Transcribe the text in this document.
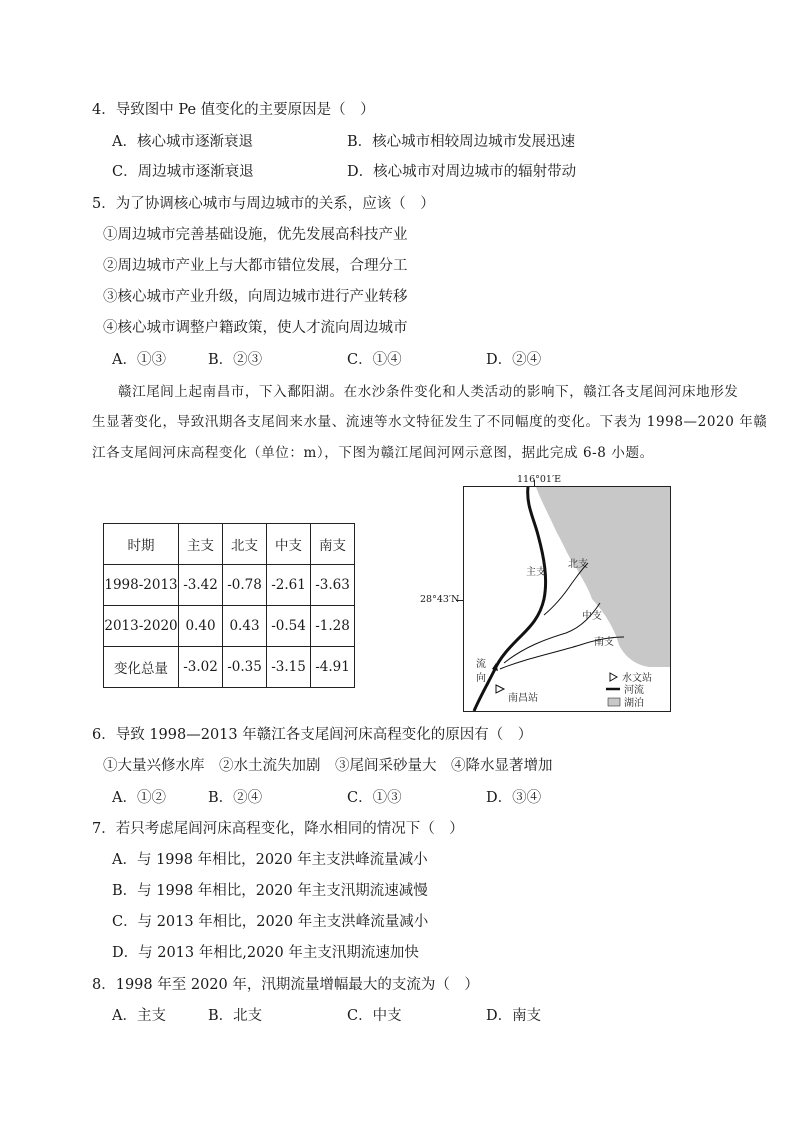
4．导致图中 Pe 值变化的主要原因是（　）
A．核心城市逐渐衰退	B．核心城市相较周边城市发展迅速
C．周边城市逐渐衰退	D．核心城市对周边城市的辐射带动
5．为了协调核心城市与周边城市的关系，应该（　）
①周边城市完善基础设施，优先发展高科技产业
②周边城市产业上与大都市错位发展，合理分工
③核心城市产业升级，向周边城市进行产业转移
④核心城市调整户籍政策，使人才流向周边城市
A．①③	B．②③	C．①④	D．②④
赣江尾闾上起南昌市，下入鄱阳湖。在水沙条件变化和人类活动的影响下，赣江各支尾闾河床地形发
生显著变化，导致汛期各支尾闾来水量、流速等水文特征发生了不同幅度的变化。下表为 1998—2020 年赣
江各支尾闾河床高程变化（单位：m），下图为赣江尾闾河网示意图，据此完成 6-8 小题。
时期	主支	北支	中支	南支
1998-2013	-3.42	-0.78	-2.61	-3.63
2013-2020	0.40	0.43	-0.54	-1.28
变化总量	-3.02	-0.35	-3.15	-4.91
116°01′E
28°43′N
主支
北支
中支
南支
流
向
南昌站
水文站
河流
湖泊
6．导致 1998—2013 年赣江各支尾闾河床高程变化的原因有（　）
①大量兴修水库　②水土流失加剧　③尾闾采砂量大　④降水显著增加
A．①②	B．②④	C．①③	D．③④
7．若只考虑尾闾河床高程变化，降水相同的情况下（　）
A．与 1998 年相比，2020 年主支洪峰流量减小
B．与 1998 年相比，2020 年主支汛期流速减慢
C．与 2013 年相比，2020 年主支洪峰流量减小
D．与 2013 年相比,2020 年主支汛期流速加快
8．1998 年至 2020 年，汛期流量增幅最大的支流为（　）
A．主支	B．北支	C．中支	D．南支
